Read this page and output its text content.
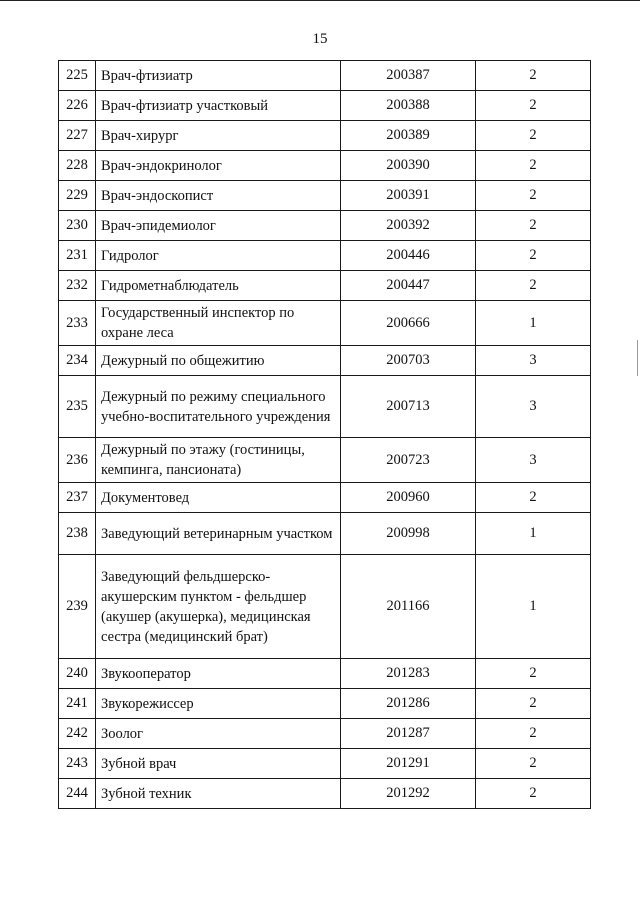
15
225	Врач-фтизиатр	200387	2
226	Врач-фтизиатр участковый	200388	2
227	Врач-хирург	200389	2
228	Врач-эндокринолог	200390	2
229	Врач-эндоскопист	200391	2
230	Врач-эпидемиолог	200392	2
231	Гидролог	200446	2
232	Гидрометнаблюдатель	200447	2
233	Государственный инспектор по охране леса	200666	1
234	Дежурный по общежитию	200703	3
235	Дежурный по режиму специального учебно-воспитательного учреждения	200713	3
236	Дежурный по этажу (гостиницы, кемпинга, пансионата)	200723	3
237	Документовед	200960	2
238	Заведующий ветеринарным участком	200998	1
239	Заведующий фельдшерско-акушерским пунктом - фельдшер (акушер (акушерка), медицинская сестра (медицинский брат)	201166	1
240	Звукооператор	201283	2
241	Звукорежиссер	201286	2
242	Зоолог	201287	2
243	Зубной врач	201291	2
244	Зубной техник	201292	2
